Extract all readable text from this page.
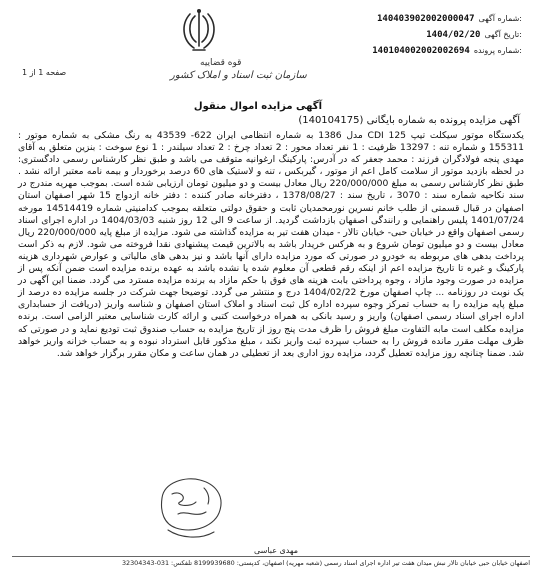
140403902002000047 شماره آگهی:
1404/02/20 تاریخ آگهی:
140104002002002694 شماره پرونده:
قوه قضاییه
سازمان ثبت اسناد و املاک کشور
صفحه 1 از 1
آگهی مزایده اموال منقول
آگهی مزایده پرونده به شماره بایگانی (140104175)
یکدستگاه موتور سیکلت تیپ CDI 125 مدل 1386 به شماره انتظامی ایران 622- 43539 به رنگ مشکی به شماره موتور : 155311 و شماره تنه : 13297 ظرفیت : 1 نفر تعداد محور : 2 تعداد چرخ : 2 تعداد سیلندر : 1 نوع سوخت : بنزین متعلق به آقای مهدی پنجه فولادگران فرزند : محمد جعفر که در آدرس: پارکینگ ارغوانیه متوقف می باشد و طبق نظر کارشناس رسمی دادگستری: در لحظه بازدید موتور از سلامت کامل اعم از موتور ، گیربکس ، تنه و لاستیک های 60 درصد برخوردار و بیمه نامه معتبر ارائه نشد . طبق نظر کارشناس رسمی به مبلغ 220/000/000 ریال معادل بیست و دو میلیون تومان ارزیابی شده است. بموجب مهریه مندرج در سند نکاحیه شماره سند : 3070 ، تاریخ سند : 1378/08/27 ، دفترخانه صادر کننده : دفتر خانه ازدواج 15 شهر اصفهان استان اصفهان در قبال قسمتی از طلب خانم نسرین نورمحمدیان ثابت و حقوق دولتی متعلقه بموجب کدامنیتی شماره 14514419 مورخه 1401/07/24 پلیس راهنمایی و رانندگی اصفهان بازداشت گردید. از ساعت 9 الی 12 روز شنبه 1404/03/03 در اداره اجرای اسناد رسمی اصفهان واقع در خیابان حبی- خیابان تالار - میدان هفت تیر به مزایده گذاشته می شود. مزایده از مبلغ پایه 220/000/000 ریال معادل بیست و دو میلیون تومان شروع و به هرکس خریدار باشد به بالاترین قیمت پیشنهادی نقدا فروخته می شود. لازم به ذکر است پرداخت بدهی های مربوطه به خودرو در صورتی که مورد مزایده دارای آنها باشد و نیز بدهی های مالیاتی و عوارض شهرداری هزینه پارکینگ و غیره تا تاریخ مزایده اعم از اینکه رقم قطعی آن معلوم شده یا نشده باشد به عهده برنده مزایده است ضمن آنکه پس از مزایده در صورت وجود مازاد ، وجوه پرداختی بابت هزینه های فوق با حکم مازاد به برنده مزایده مسترد می گردد. ضمنا این آگهی در یک نوبت در روزنامه ... چاپ اصفهان مورخ 1404/02/22 درج و منتشر می گردد. توضیحا جهت شرکت در جلسه مزایده ده درصد از مبلغ پایه مزایده را به حساب تمرکز وجوه سپرده اداره کل ثبت اسناد و املاک استان اصفهان و شناسه واریز (دریافت از حسابداری اداره اجرای اسناد رسمی اصفهان) واریز و رسید بانکی به همراه درخواست کتبی و ارائه کارت شناسایی معتبر الزامی است. برنده مزایده مکلف است مابه التفاوت مبلغ فروش را ظرف مدت پنج روز از تاریخ مزایده به حساب صندوق ثبت تودیع نماید و در صورتی که ظرف مهلت مقرر مانده فروش را به حساب سپرده ثبت واریز نکند ، مبلغ مذکور قابل استرداد نبوده و به حساب خزانه واریز خواهد شد. ضمنا چنانچه روز مزایده تعطیل گردد، مزایده روز اداری بعد از تعطیلی در همان ساعت و مکان مقرر برگزار خواهد شد.
مهدی عباسی
اصفهان خیابان حبی خیابان تالار نبش میدان هفت تیر اداره اجرای اسناد رسمی (شعبه مهریه) اصفهان، کدپستی: 8199939680 تلفکس: 031-32304343
